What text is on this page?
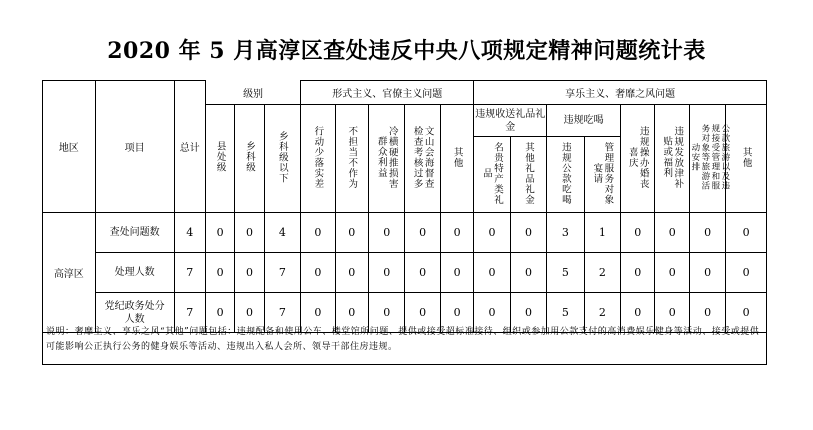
2020 年 5 月高淳区查处违反中央八项规定精神问题统计表
地区	项目	总计	级别			形式主义、官僚主义问题					享乐主义、奢靡之风问题							
			县处级	乡科级	乡科级以下	行动少落实差	不担当不作为	冷横硬推损害群众利益	文山会海督查检查考核过多	其他	违规收送礼品礼金		违规吃喝		违规操办婚丧喜庆	违规发放津补贴或福利	公款旅游以及违规接受管理和服务对象等旅游活动安排	其他
											名贵特产类礼品	其他礼品礼金	违规公款吃喝	管理服务对象宴请				
高淳区	查处问题数	4	0	0	4	0	0	0	0	0	0	0	3	1	0	0	0	0
	处理人数	7	0	0	7	0	0	0	0	0	0	0	5	2	0	0	0	0
	党纪政务处分人数	7	0	0	7	0	0	0	0	0	0	0	5	2	0	0	0	0
说明：奢靡主义、享乐之风“其他”问题包括：违规配备和使用公车、楼堂馆所问题、提供或接受超标准接待、组织或参加用公款支付的高消费娱乐健身等活动、接受或提供可能影响公正执行公务的健身娱乐等活动、违规出入私人会所、领导干部住房违规。
